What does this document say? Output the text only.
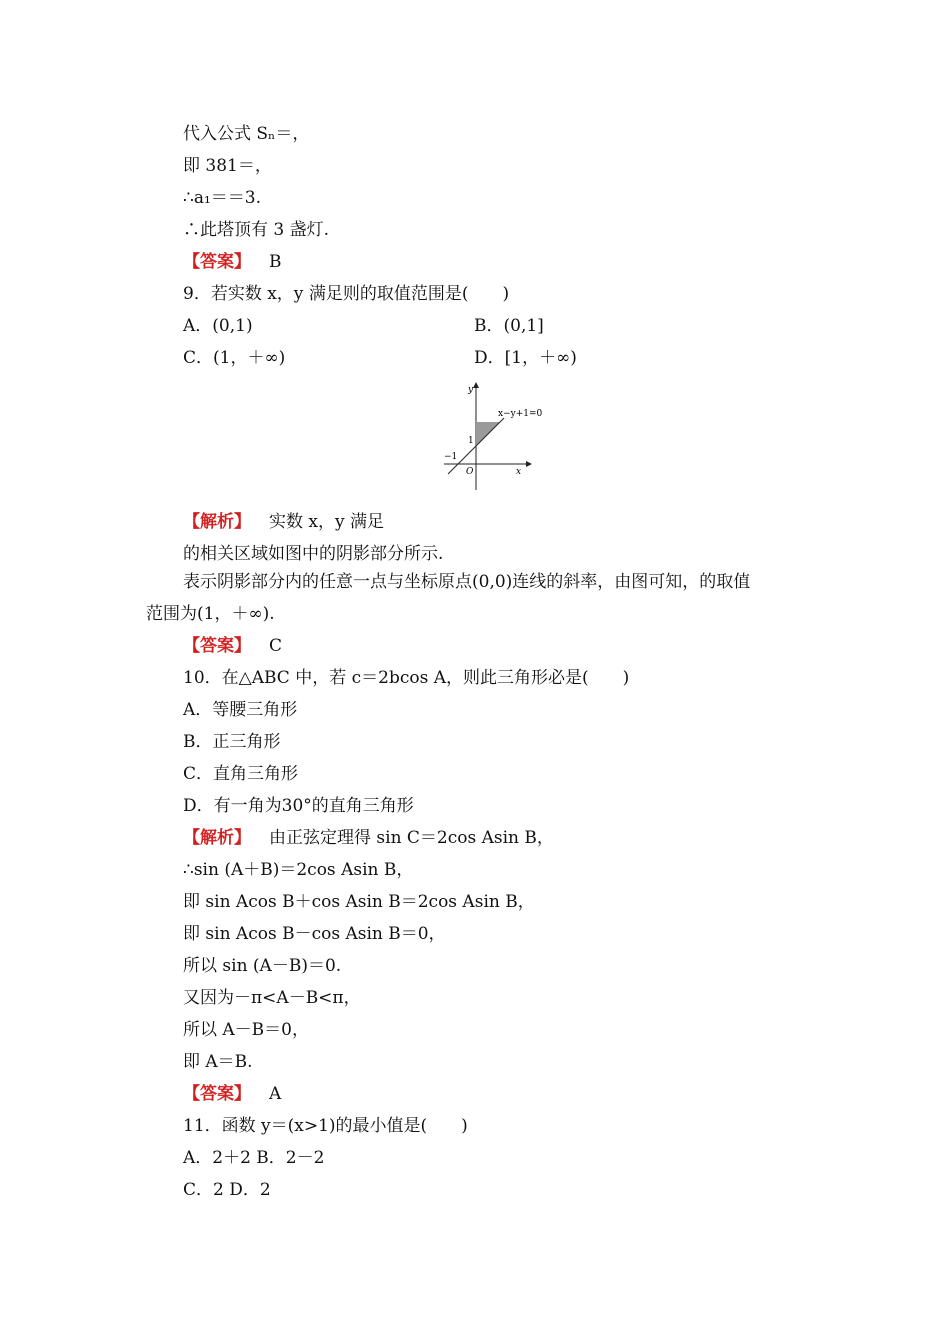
代入公式 Sₙ＝，
即 381＝，
∴a₁＝＝3.
∴此塔顶有 3 盏灯.
【答案】 B
9．若实数 x，y 满足则的取值范围是(　　)
A．(0,1)	B．(0,1]
C．(1，＋∞)	D．[1，＋∞)
y
x
O
−1
1
x−y+1=0
【解析】 实数 x，y 满足
的相关区域如图中的阴影部分所示.
表示阴影部分内的任意一点与坐标原点(0,0)连线的斜率，由图可知，的取值
范围为(1，＋∞).
【答案】 C
10．在△ABC 中，若 c＝2bcos A，则此三角形必是(　　)
A．等腰三角形
B．正三角形
C．直角三角形
D．有一角为30°的直角三角形
【解析】 由正弦定理得 sin C＝2cos Asin B，
∴sin (A＋B)＝2cos Asin B，
即 sin Acos B＋cos Asin B＝2cos Asin B，
即 sin Acos B－cos Asin B＝0，
所以 sin (A－B)＝0.
又因为－π<A－B<π，
所以 A－B＝0，
即 A＝B.
【答案】 A
11．函数 y＝(x>1)的最小值是(　　)
A．2＋2 B．2－2
C．2 D．2
